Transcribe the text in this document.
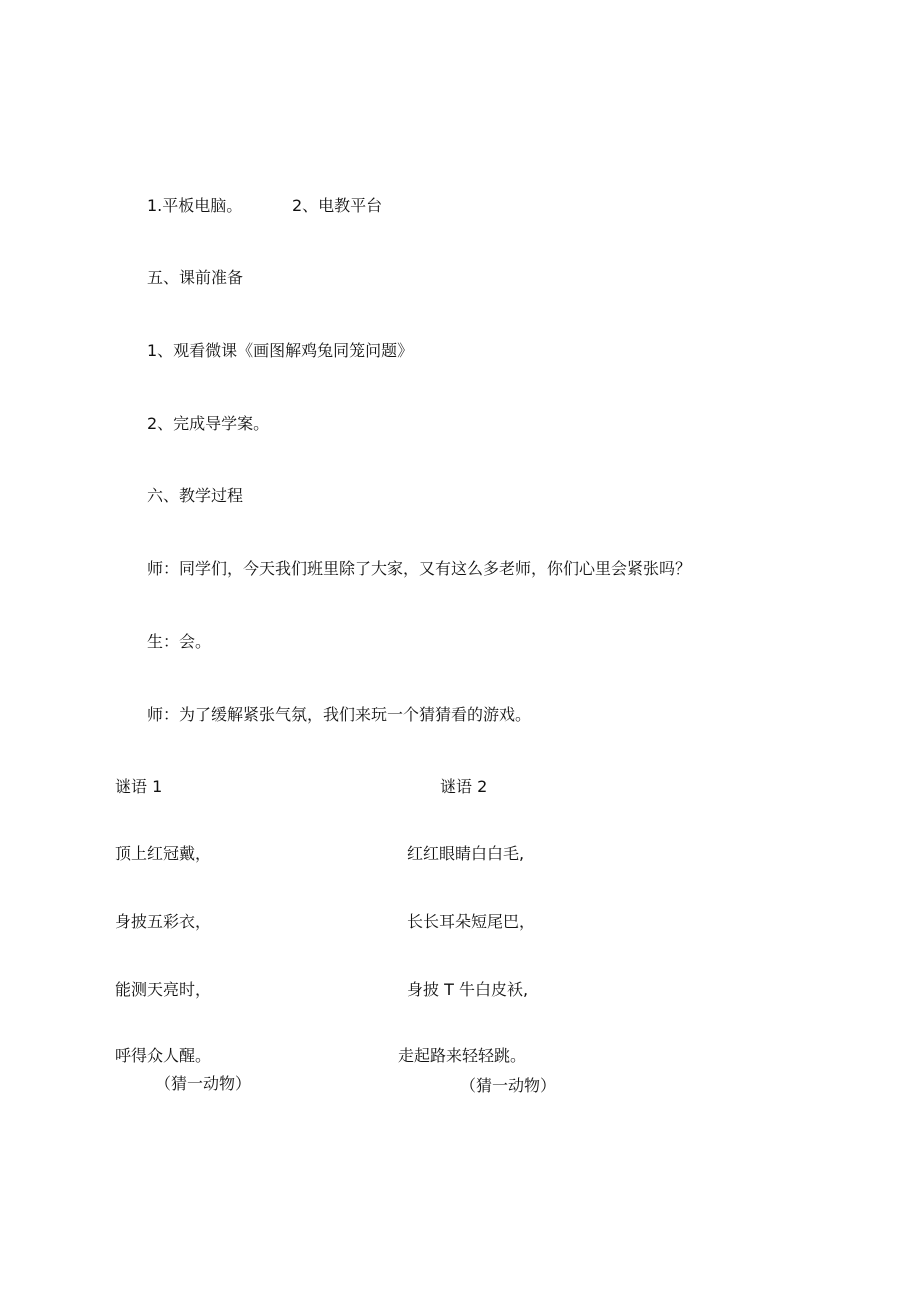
1.平板电脑。	2、电教平台
五、课前准备
1、观看微课《画图解鸡兔同笼问题》
2、完成导学案。
六、教学过程
师：同学们，今天我们班里除了大家，又有这么多老师，你们心里会紧张吗？
生：会。
师：为了缓解紧张气氛，我们来玩一个猜猜看的游戏。
谜语 1	谜语 2
顶上红冠戴，	红红眼睛白白毛,
身披五彩衣，	长长耳朵短尾巴，
能测天亮时，	身披 T 牛白皮袄,
呼得众人醒。	走起路来轻轻跳。
（猜一动物）	（猜一动物）
